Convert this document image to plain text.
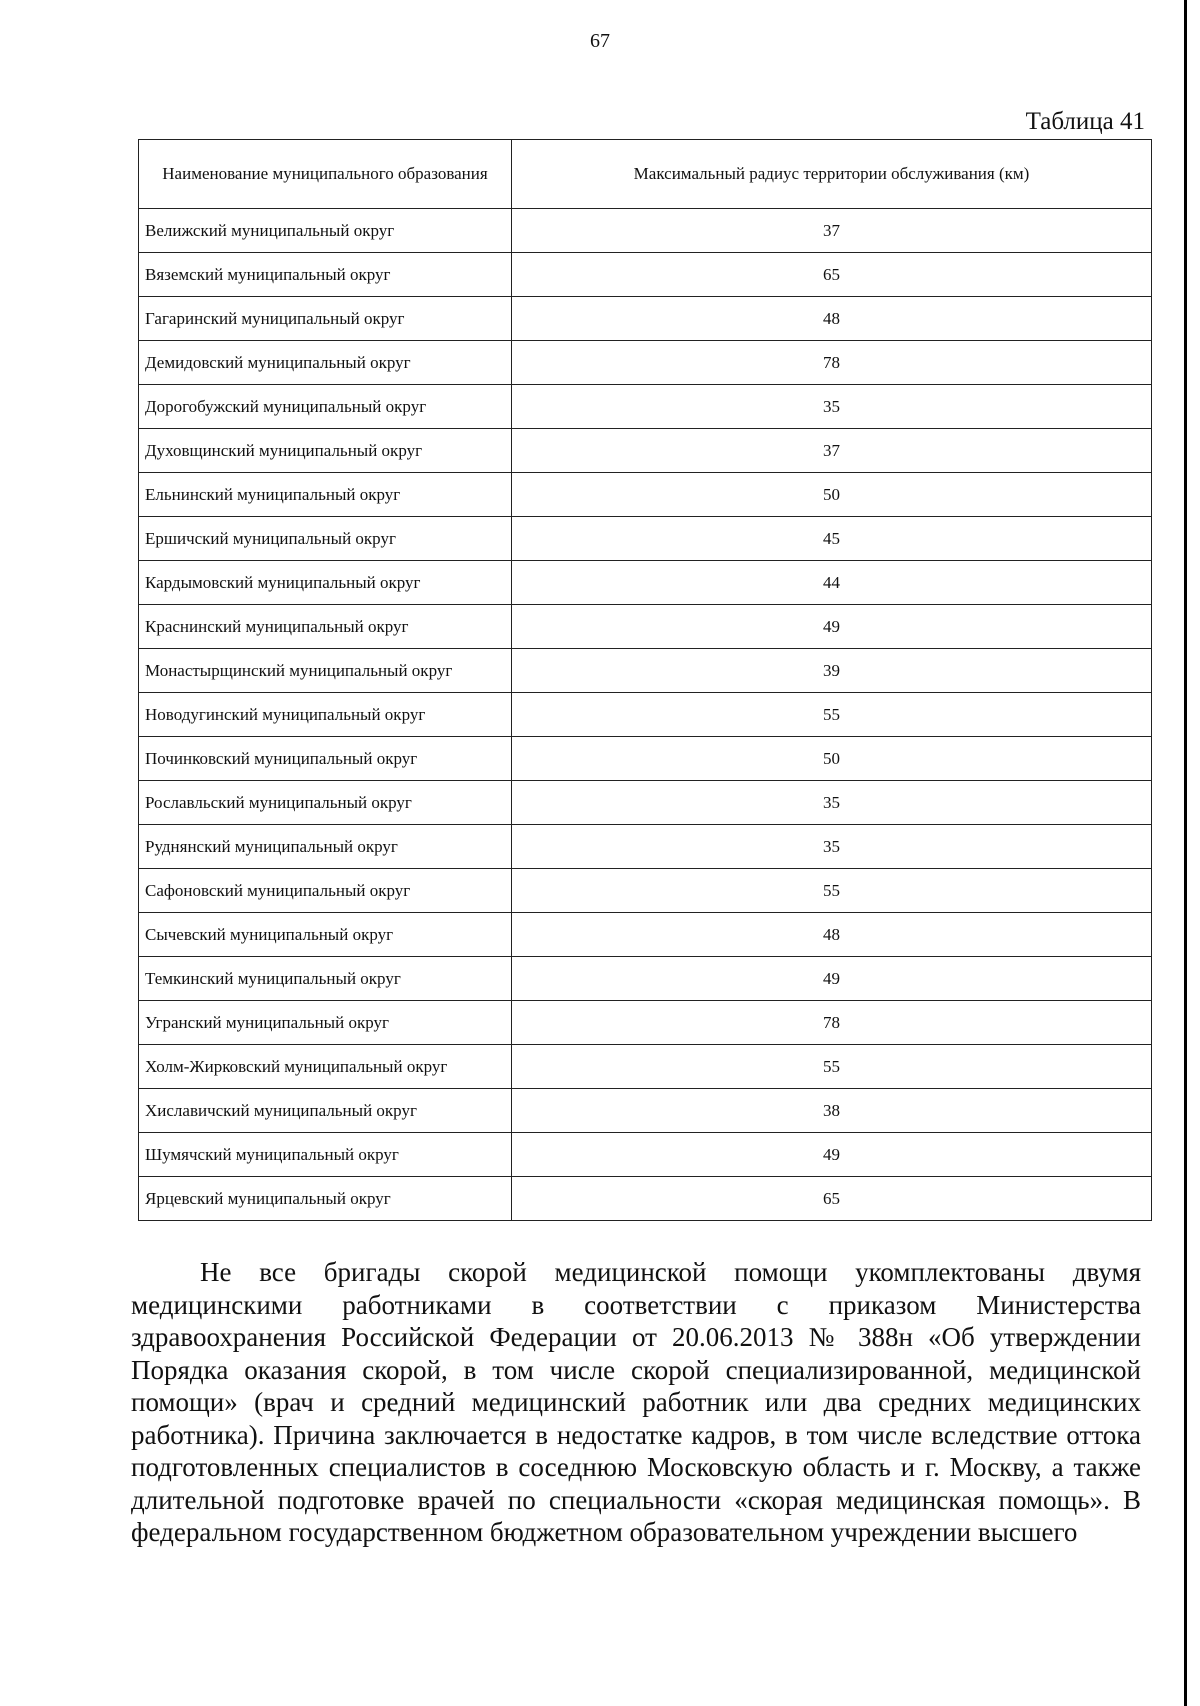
67
Таблица 41
Наименование муниципального образования	Максимальный радиус территории обслуживания (км)
Велижский муниципальный округ	37
Вяземский муниципальный округ	65
Гагаринский муниципальный округ	48
Демидовский муниципальный округ	78
Дорогобужский муниципальный округ	35
Духовщинский муниципальный округ	37
Ельнинский муниципальный округ	50
Ершичский муниципальный округ	45
Кардымовский муниципальный округ	44
Краснинский муниципальный округ	49
Монастырщинский муниципальный округ	39
Новодугинский муниципальный округ	55
Починковский муниципальный округ	50
Рославльский муниципальный округ	35
Руднянский муниципальный округ	35
Сафоновский муниципальный округ	55
Сычевский муниципальный округ	48
Темкинский муниципальный округ	49
Угранский муниципальный округ	78
Холм-Жирковский муниципальный округ	55
Хиславичский муниципальный округ	38
Шумячский муниципальный округ	49
Ярцевский муниципальный округ	65

Не все бригады скорой медицинской помощи укомплектованы двумя медицинскими работниками в соответствии с приказом Министерства здравоохранения Российской Федерации от 20.06.2013 № 388н «Об утверждении Порядка оказания скорой, в том числе скорой специализированной, медицинской помощи» (врач и средний медицинский работник или два средних медицинских работника). Причина заключается в недостатке кадров, в том числе вследствие оттока подготовленных специалистов в соседнюю Московскую область и г. Москву, а также длительной подготовке врачей по специальности «скорая медицинская помощь». В федеральном государственном бюджетном образовательном учреждении высшего
